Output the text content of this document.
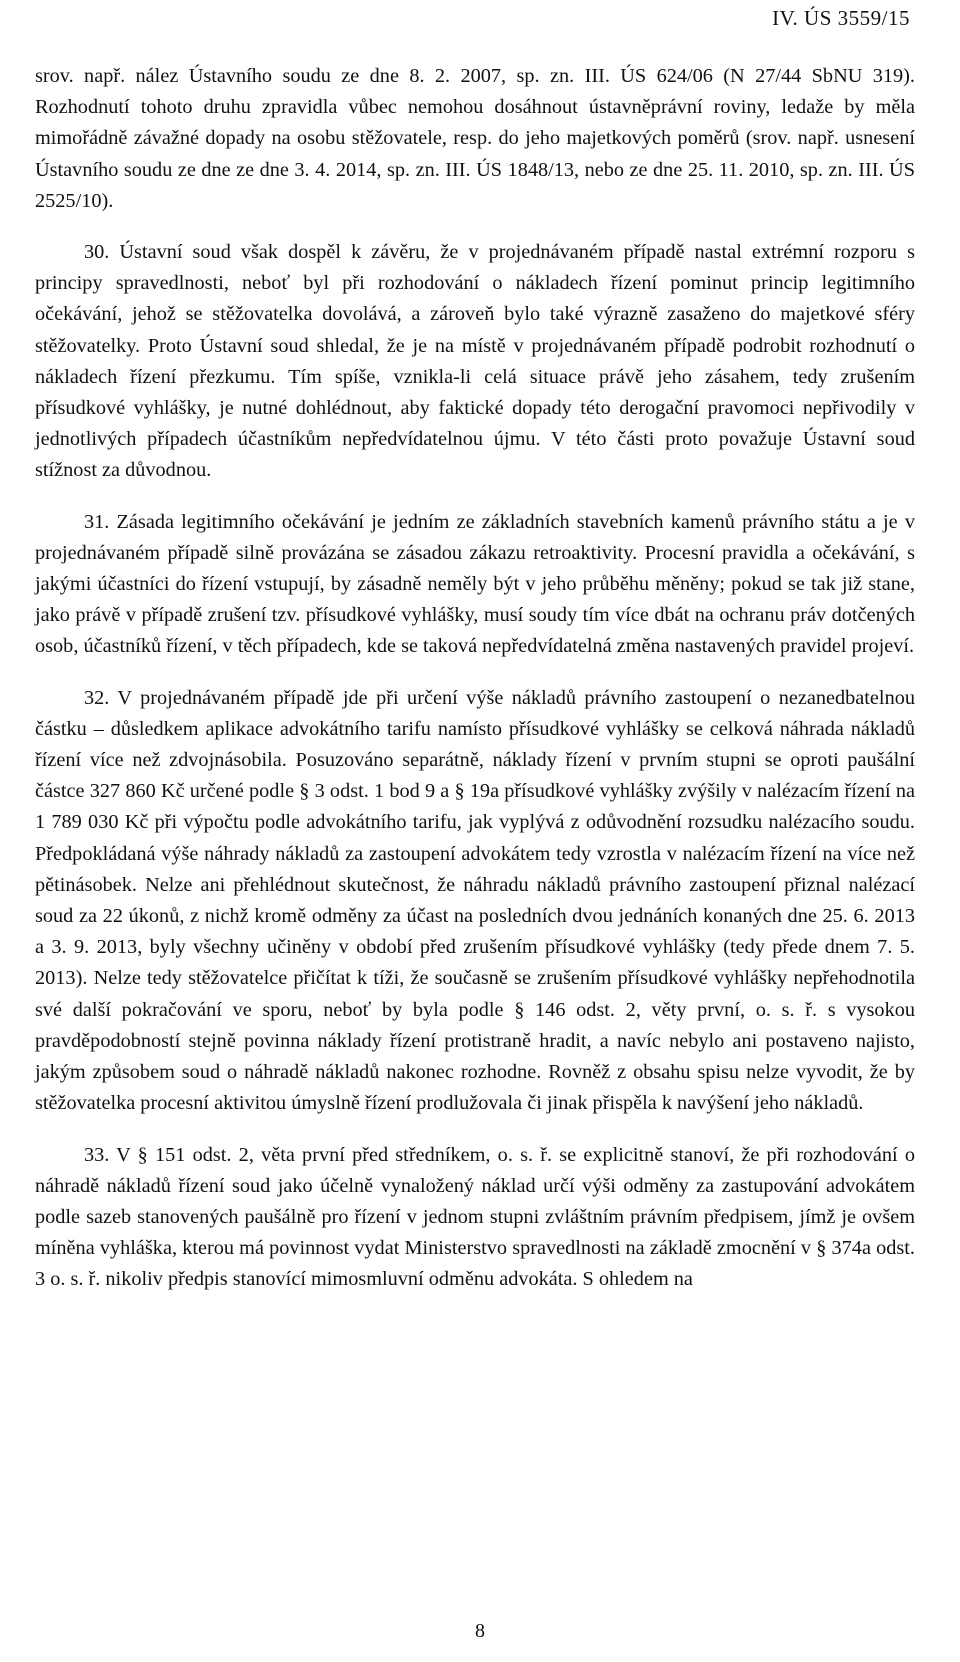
IV. ÚS 3559/15

srov. např. nález Ústavního soudu ze dne 8. 2. 2007, sp. zn. III. ÚS 624/06 (N 27/44 SbNU 319). Rozhodnutí tohoto druhu zpravidla vůbec nemohou dosáhnout ústavněprávní roviny, ledaže by měla mimořádně závažné dopady na osobu stěžovatele, resp. do jeho majetkových poměrů (srov. např. usnesení Ústavního soudu ze dne ze dne 3. 4. 2014, sp. zn. III. ÚS 1848/13, nebo ze dne 25. 11. 2010, sp. zn. III. ÚS 2525/10).

30. Ústavní soud však dospěl k závěru, že v projednávaném případě nastal extrémní rozporu s principy spravedlnosti, neboť byl při rozhodování o nákladech řízení pominut princip legitimního očekávání, jehož se stěžovatelka dovolává, a zároveň bylo také výrazně zasaženo do majetkové sféry stěžovatelky. Proto Ústavní soud shledal, že je na místě v projednávaném případě podrobit rozhodnutí o nákladech řízení přezkumu. Tím spíše, vznikla-li celá situace právě jeho zásahem, tedy zrušením přísudkové vyhlášky, je nutné dohlédnout, aby faktické dopady této derogační pravomoci nepřivodily v jednotlivých případech účastníkům nepředvídatelnou újmu. V této části proto považuje Ústavní soud stížnost za důvodnou.

31. Zásada legitimního očekávání je jedním ze základních stavebních kamenů právního státu a je v projednávaném případě silně provázána se zásadou zákazu retroaktivity. Procesní pravidla a očekávání, s jakými účastníci do řízení vstupují, by zásadně neměly být v jeho průběhu měněny; pokud se tak již stane, jako právě v případě zrušení tzv. přísudkové vyhlášky, musí soudy tím více dbát na ochranu práv dotčených osob, účastníků řízení, v těch případech, kde se taková nepředvídatelná změna nastavených pravidel projeví.

32. V projednávaném případě jde při určení výše nákladů právního zastoupení o nezanedbatelnou částku – důsledkem aplikace advokátního tarifu namísto přísudkové vyhlášky se celková náhrada nákladů řízení více než zdvojnásobila. Posuzováno separátně, náklady řízení v prvním stupni se oproti paušální částce 327 860 Kč určené podle § 3 odst. 1 bod 9 a § 19a přísudkové vyhlášky zvýšily v nalézacím řízení na 1 789 030 Kč při výpočtu podle advokátního tarifu, jak vyplývá z odůvodnění rozsudku nalézacího soudu. Předpokládaná výše náhrady nákladů za zastoupení advokátem tedy vzrostla v nalézacím řízení na více než pětinásobek. Nelze ani přehlédnout skutečnost, že náhradu nákladů právního zastoupení přiznal nalézací soud za 22 úkonů, z nichž kromě odměny za účast na posledních dvou jednáních konaných dne 25. 6. 2013 a 3. 9. 2013, byly všechny učiněny v období před zrušením přísudkové vyhlášky (tedy přede dnem 7. 5. 2013). Nelze tedy stěžovatelce přičítat k tíži, že současně se zrušením přísudkové vyhlášky nepřehodnotila své další pokračování ve sporu, neboť by byla podle § 146 odst. 2, věty první, o. s. ř. s vysokou pravděpodobností stejně povinna náklady řízení protistraně hradit, a navíc nebylo ani postaveno najisto, jakým způsobem soud o náhradě nákladů nakonec rozhodne. Rovněž z obsahu spisu nelze vyvodit, že by stěžovatelka procesní aktivitou úmyslně řízení prodlužovala či jinak přispěla k navýšení jeho nákladů.

33. V § 151 odst. 2, věta první před středníkem, o. s. ř. se explicitně stanoví, že při rozhodování o náhradě nákladů řízení soud jako účelně vynaložený náklad určí výši odměny za zastupování advokátem podle sazeb stanovených paušálně pro řízení v jednom stupni zvláštním právním předpisem, jímž je ovšem míněna vyhláška, kterou má povinnost vydat Ministerstvo spravedlnosti na základě zmocnění v § 374a odst. 3 o. s. ř. nikoliv předpis stanovící mimosmluvní odměnu advokáta. S ohledem na

8
